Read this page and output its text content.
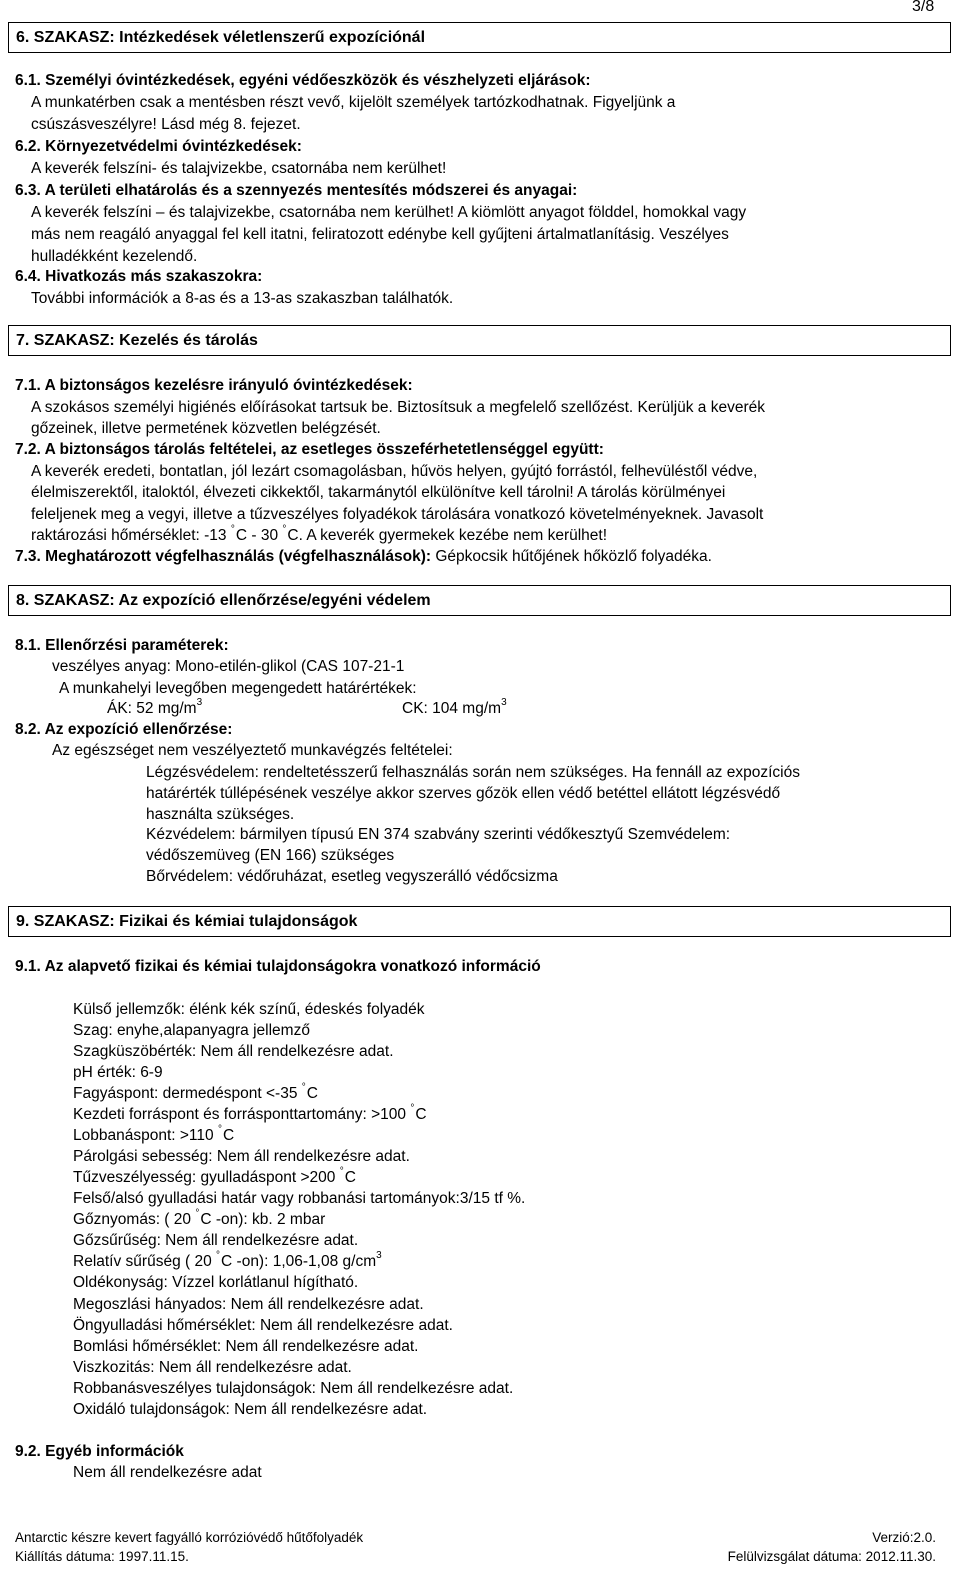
3/8
6. SZAKASZ: Intézkedések véletlenszerű expozíciónál
6.1. Személyi óvintézkedések, egyéni védőeszközök és vészhelyzeti eljárások:
A munkatérben csak a mentésben részt vevő, kijelölt személyek tartózkodhatnak. Figyeljünk a
csúszásveszélyre! Lásd még 8. fejezet.
6.2. Környezetvédelmi óvintézkedések:
A keverék felszíni- és talajvizekbe, csatornába nem kerülhet!
6.3. A területi elhatárolás és a szennyezés mentesítés módszerei és anyagai:
A keverék felszíni – és talajvizekbe, csatornába nem kerülhet! A kiömlött anyagot földdel, homokkal vagy
más nem reagáló anyaggal fel kell itatni, feliratozott edénybe kell gyűjteni ártalmatlanításig. Veszélyes
hulladékként kezelendő.
6.4. Hivatkozás más szakaszokra:
További információk a 8-as és a 13-as szakaszban találhatók.
7. SZAKASZ: Kezelés és tárolás
7.1. A biztonságos kezelésre irányuló óvintézkedések:
A szokásos személyi higiénés előírásokat tartsuk be. Biztosítsuk a megfelelő szellőzést. Kerüljük a keverék
gőzeinek, illetve permetének közvetlen belégzését.
7.2. A biztonságos tárolás feltételei, az esetleges összeférhetetlenséggel együtt:
A keverék eredeti, bontatlan, jól lezárt csomagolásban, hűvös helyen, gyújtó forrástól, felhevüléstől védve,
élelmiszerektől, italoktól, élvezeti cikkektől, takarmánytól elkülönítve kell tárolni! A tárolás körülményei
feleljenek meg a vegyi, illetve a tűzveszélyes folyadékok tárolására vonatkozó követelményeknek. Javasolt
raktározási hőmérséklet: -13 °C - 30 °C. A keverék gyermekek kezébe nem kerülhet!
7.3. Meghatározott végfelhasználás (végfelhasználások): Gépkocsik hűtőjének hőközlő folyadéka.
8. SZAKASZ: Az expozíció ellenőrzése/egyéni védelem
8.1. Ellenőrzési paraméterek:
veszélyes anyag: Mono-etilén-glikol (CAS 107-21-1
A munkahelyi levegőben megengedett határértékek:
ÁK: 52 $mg/m^3$	CK: 104 $mg/m^3$
8.2. Az expozíció ellenőrzése:
Az egészséget nem veszélyeztető munkavégzés feltételei:
Légzésvédelem: rendeltetésszerű felhasználás során nem szükséges. Ha fennáll az expozíciós
határérték túllépésének veszélye akkor szerves gőzök ellen védő betéttel ellátott légzésvédő
használta szükséges.
Kézvédelem: bármilyen típusú EN 374 szabvány szerinti védőkesztyű Szemvédelem:
védőszemüveg (EN 166) szükséges
Bőrvédelem: védőruházat, esetleg vegyszerálló védőcsizma
9. SZAKASZ: Fizikai és kémiai tulajdonságok
9.1. Az alapvető fizikai és kémiai tulajdonságokra vonatkozó információ
Külső jellemzők: élénk kék színű, édeskés folyadék
Szag: enyhe,alapanyagra jellemző
Szagküszöbérték: Nem áll rendelkezésre adat.
pH érték: 6-9
Fagyáspont: dermedéspont <-35 °C
Kezdeti forráspont és forrásponttartomány: >100 °C
Lobbanáspont: >110 °C
Párolgási sebesség: Nem áll rendelkezésre adat.
Tűzveszélyesség: gyulladáspont >200 °C
Felső/alsó gyulladási határ vagy robbanási tartományok:3/15 tf %.
Gőznyomás: ( 20 °C -on): kb. 2 mbar
Gőzsűrűség: Nem áll rendelkezésre adat.
Relatív sűrűség ( 20 °C -on): 1,06-1,08 $g/cm^3$
Oldékonyság: Vízzel korlátlanul hígítható.
Megoszlási hányados: Nem áll rendelkezésre adat.
Öngyulladási hőmérséklet: Nem áll rendelkezésre adat.
Bomlási hőmérséklet: Nem áll rendelkezésre adat.
Viszkozitás: Nem áll rendelkezésre adat.
Robbanásveszélyes tulajdonságok: Nem áll rendelkezésre adat.
Oxidáló tulajdonságok: Nem áll rendelkezésre adat.
9.2. Egyéb információk
Nem áll rendelkezésre adat
Antarctic készre kevert fagyálló korrózióvédő hűtőfolyadék	Verzió:2.0.
Kiállítás dátuma: 1997.11.15.	Felülvizsgálat dátuma: 2012.11.30.
